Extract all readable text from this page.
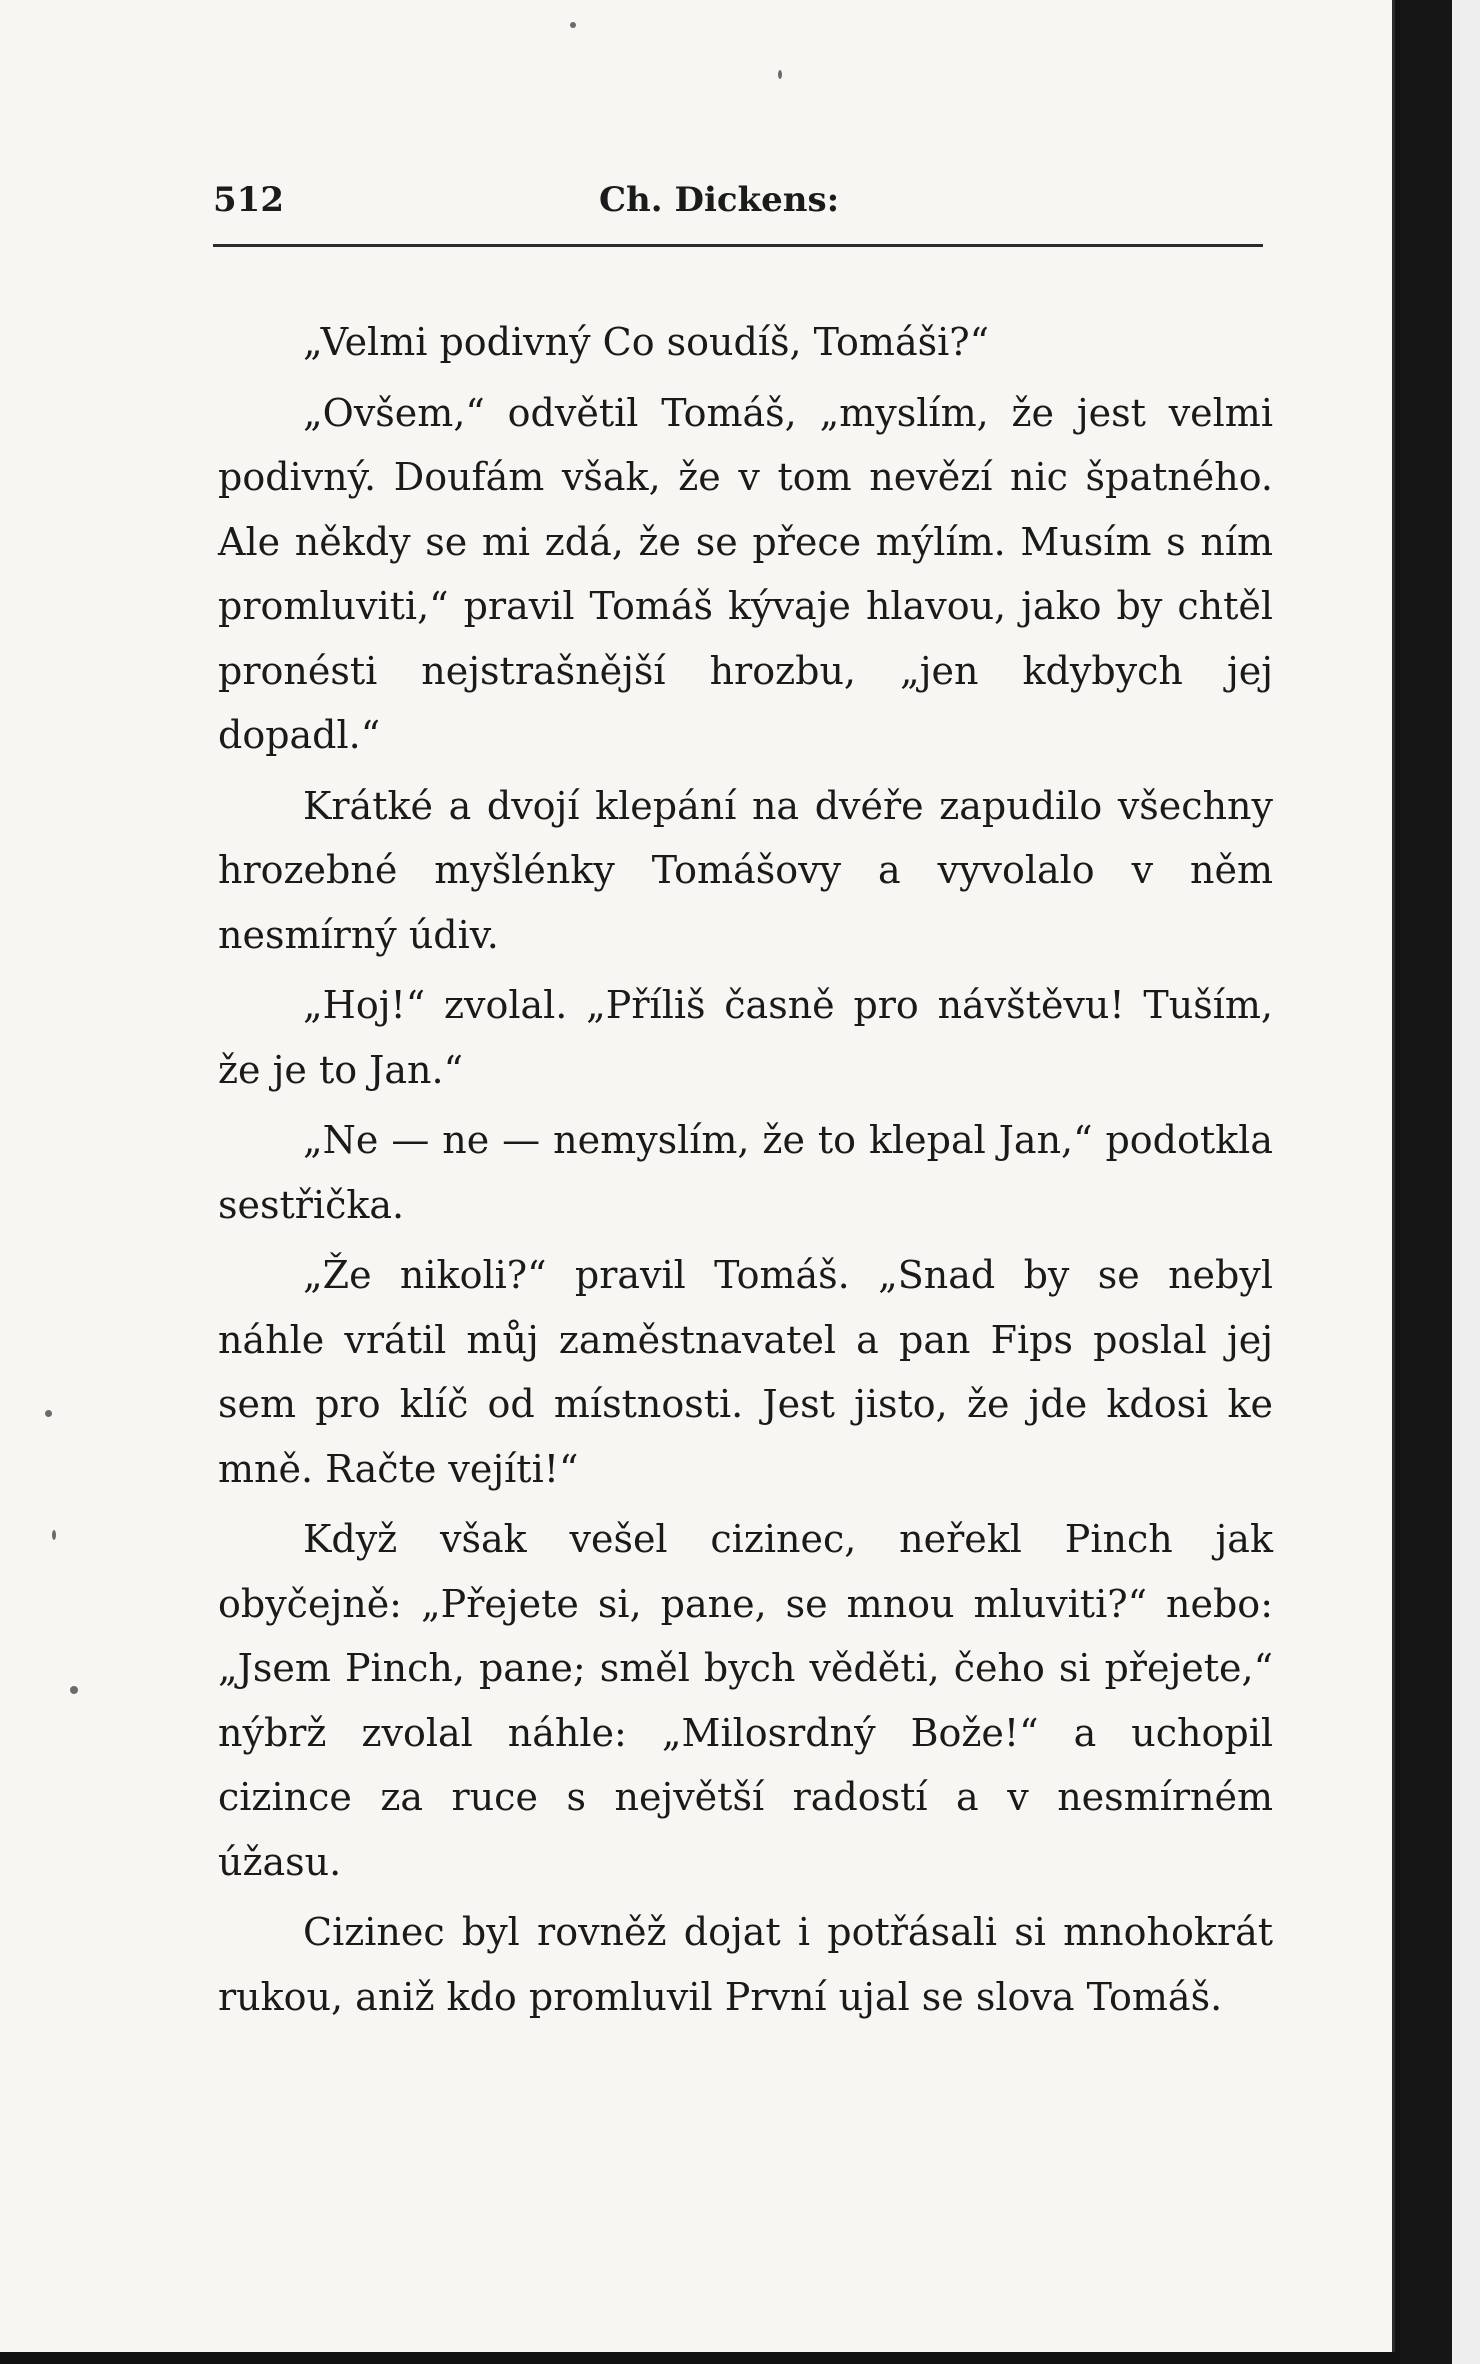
512	Ch. Dickens:

„Velmi podivný Co soudíš, Tomáši?“

„Ovšem,“ odvětil Tomáš, „myslím, že jest velmi podivný. Doufám však, že v tom nevězí nic špatného. Ale někdy se mi zdá, že se přece mýlím. Musím s ním promluviti,“ pravil Tomáš kývaje hlavou, jako by chtěl pronésti nejstrašnější hrozbu, „jen kdybych jej dopadl.“

Krátké a dvojí klepání na dvéře zapudilo všechny hrozebné myšlénky Tomášovy a vyvolalo v něm nesmírný údiv.

„Hoj!“ zvolal. „Příliš časně pro návštěvu! Tuším, že je to Jan.“

„Ne — ne — nemyslím, že to klepal Jan,“ podotkla sestřička.

„Že nikoli?“ pravil Tomáš. „Snad by se nebyl náhle vrátil můj zaměstnavatel a pan Fips poslal jej sem pro klíč od místnosti. Jest jisto, že jde kdosi ke mně. Račte vejíti!“

Když však vešel cizinec, neřekl Pinch jak obyčejně: „Přejete si, pane, se mnou mluviti?“ nebo: „Jsem Pinch, pane; směl bych věděti, čeho si přejete,“ nýbrž zvolal náhle: „Milosrdný Bože!“ a uchopil cizince za ruce s největší radostí a v nesmírném úžasu.

Cizinec byl rovněž dojat i potřásali si mnohokrát rukou, aniž kdo promluvil První ujal se slova Tomáš.
